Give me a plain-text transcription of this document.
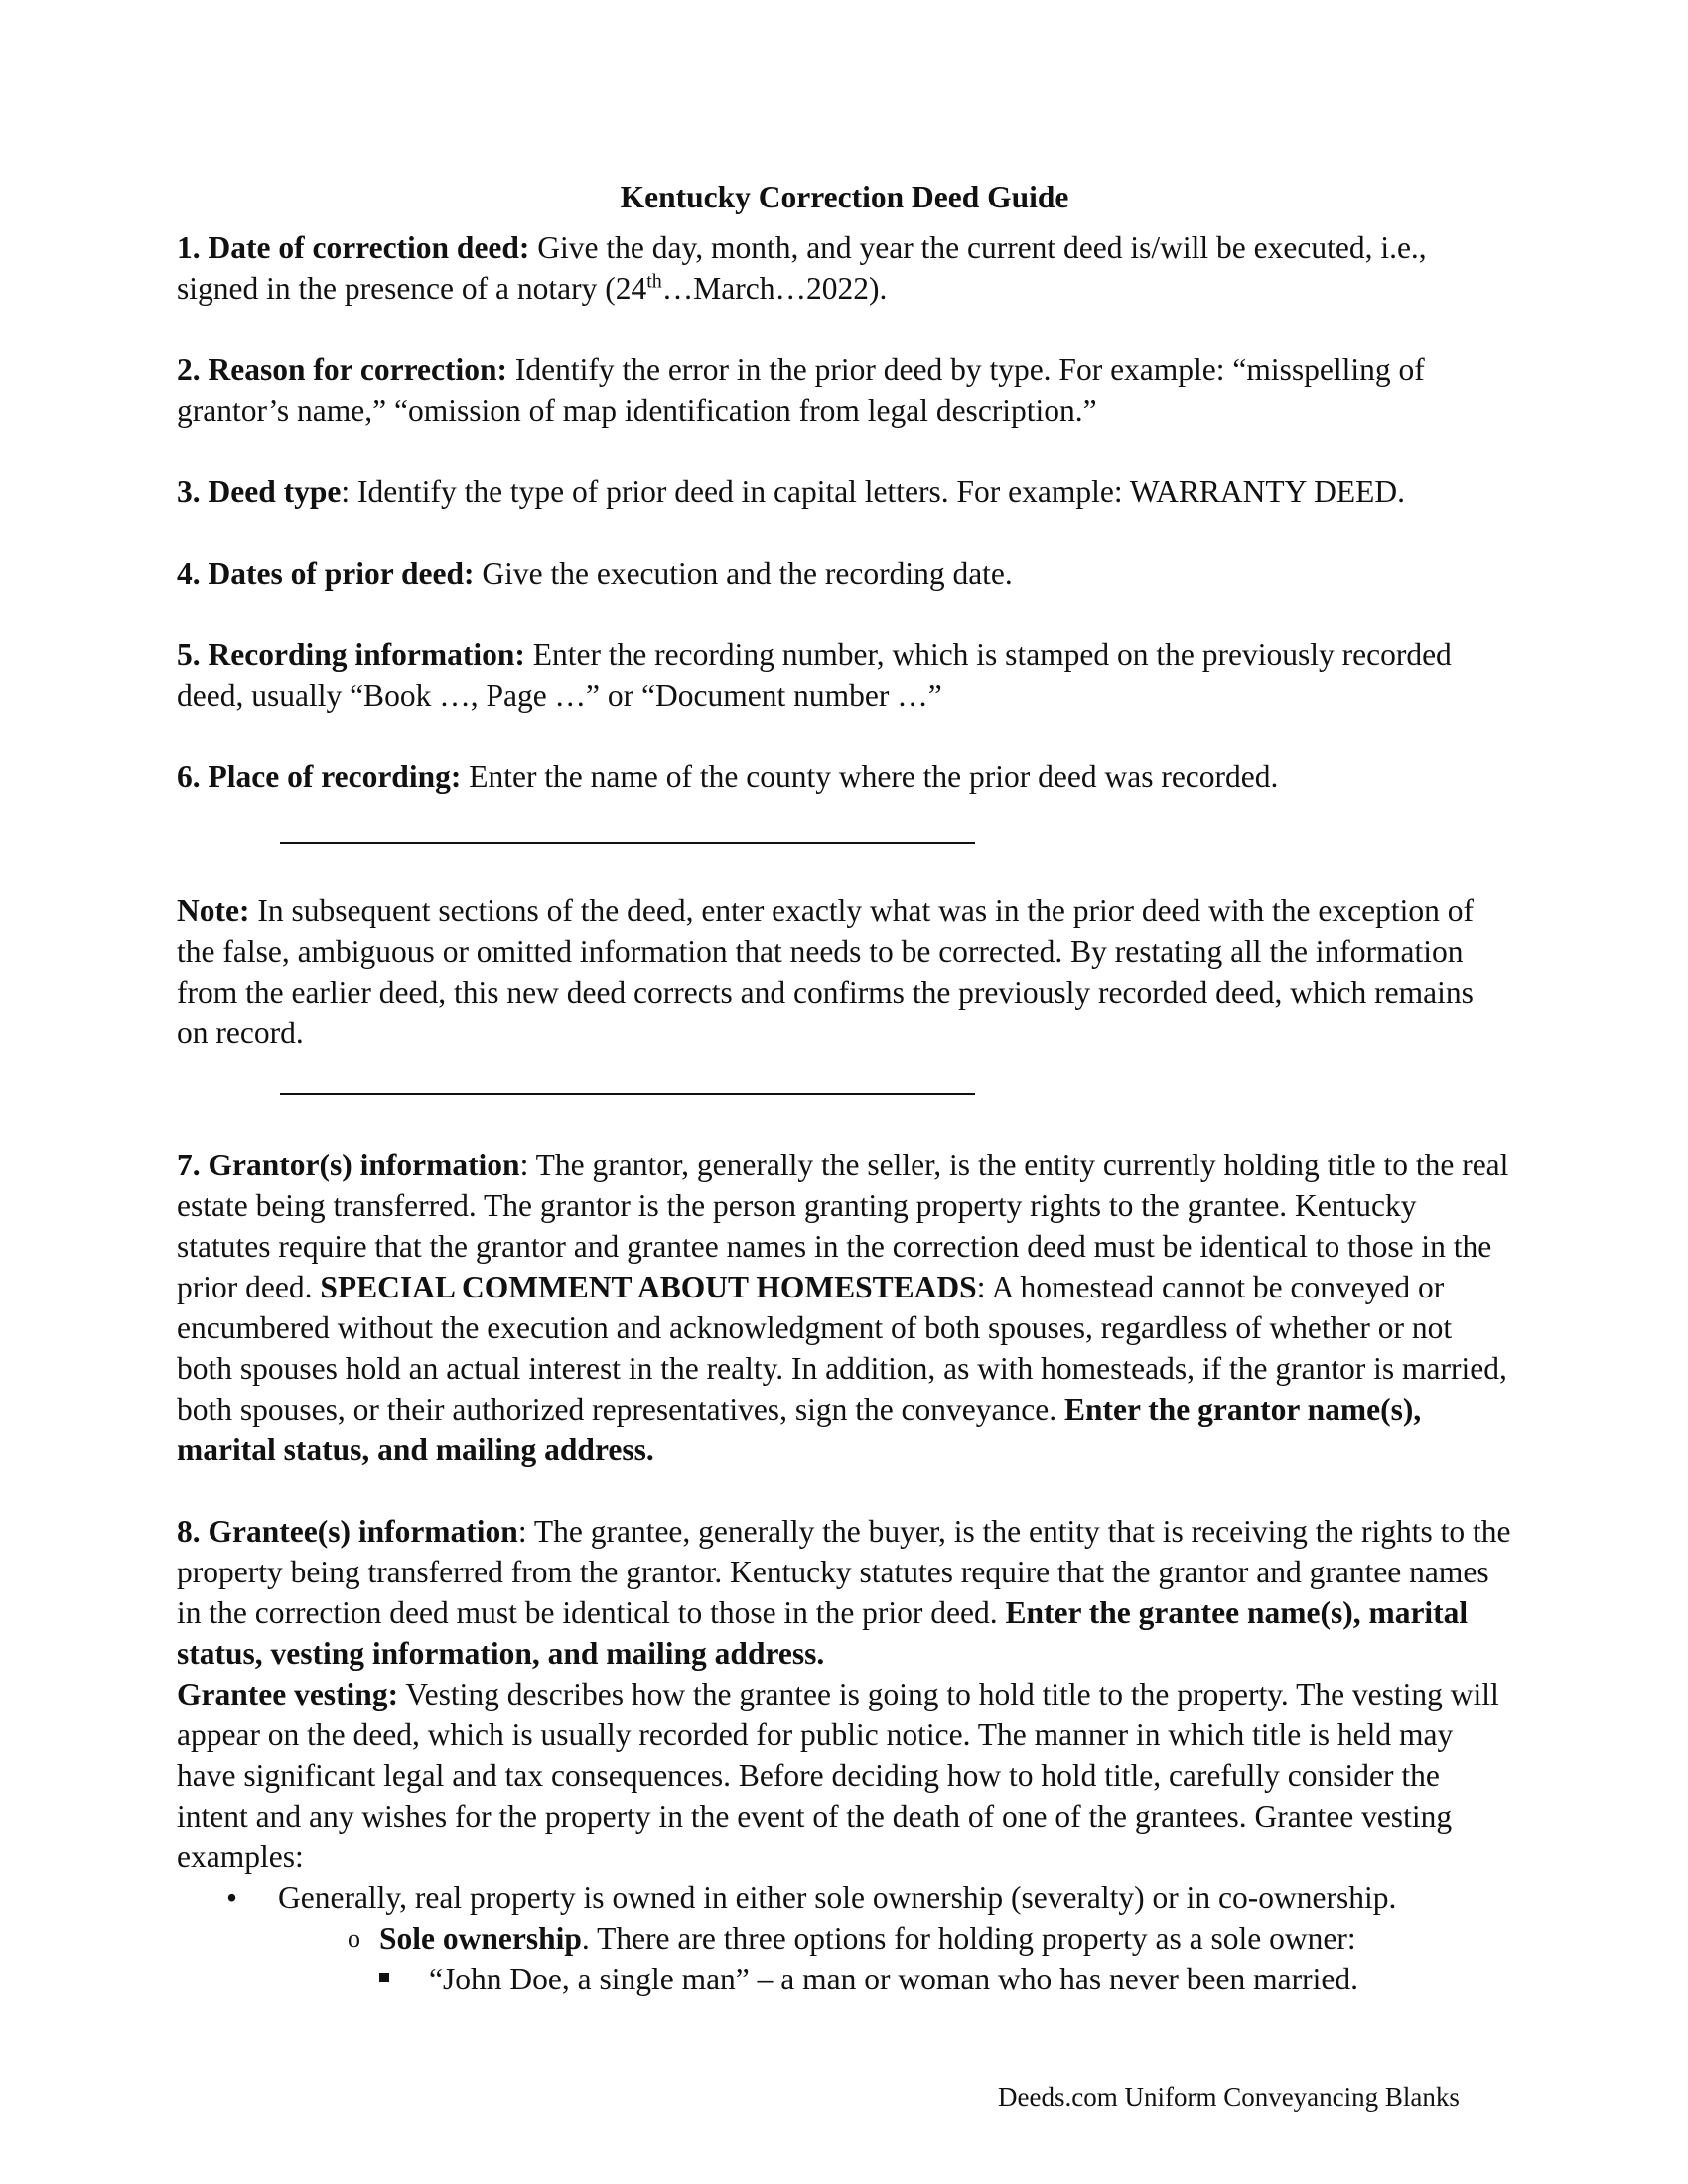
Kentucky Correction Deed Guide

1. Date of correction deed: Give the day, month, and year the current deed is/will be executed, i.e., signed in the presence of a notary (24th…March…2022).

2. Reason for correction: Identify the error in the prior deed by type. For example: “misspelling of grantor’s name,” “omission of map identification from legal description.”

3. Deed type: Identify the type of prior deed in capital letters. For example: WARRANTY DEED.

4. Dates of prior deed: Give the execution and the recording date.

5. Recording information: Enter the recording number, which is stamped on the previously recorded deed, usually “Book …, Page …” or “Document number …”

6. Place of recording: Enter the name of the county where the prior deed was recorded.

Note: In subsequent sections of the deed, enter exactly what was in the prior deed with the exception of the false, ambiguous or omitted information that needs to be corrected. By restating all the information from the earlier deed, this new deed corrects and confirms the previously recorded deed, which remains on record.

7. Grantor(s) information: The grantor, generally the seller, is the entity currently holding title to the real estate being transferred. The grantor is the person granting property rights to the grantee. Kentucky statutes require that the grantor and grantee names in the correction deed must be identical to those in the prior deed. SPECIAL COMMENT ABOUT HOMESTEADS: A homestead cannot be conveyed or encumbered without the execution and acknowledgment of both spouses, regardless of whether or not both spouses hold an actual interest in the realty. In addition, as with homesteads, if the grantor is married, both spouses, or their authorized representatives, sign the conveyance. Enter the grantor name(s), marital status, and mailing address.

8. Grantee(s) information: The grantee, generally the buyer, is the entity that is receiving the rights to the property being transferred from the grantor. Kentucky statutes require that the grantor and grantee names in the correction deed must be identical to those in the prior deed. Enter the grantee name(s), marital status, vesting information, and mailing address.

Grantee vesting: Vesting describes how the grantee is going to hold title to the property. The vesting will appear on the deed, which is usually recorded for public notice. The manner in which title is held may have significant legal and tax consequences. Before deciding how to hold title, carefully consider the intent and any wishes for the property in the event of the death of one of the grantees. Grantee vesting examples:

• Generally, real property is owned in either sole ownership (severalty) or in co-ownership.
o Sole ownership. There are three options for holding property as a sole owner:
“John Doe, a single man” – a man or woman who has never been married.
Deeds.com Uniform Conveyancing Blanks
